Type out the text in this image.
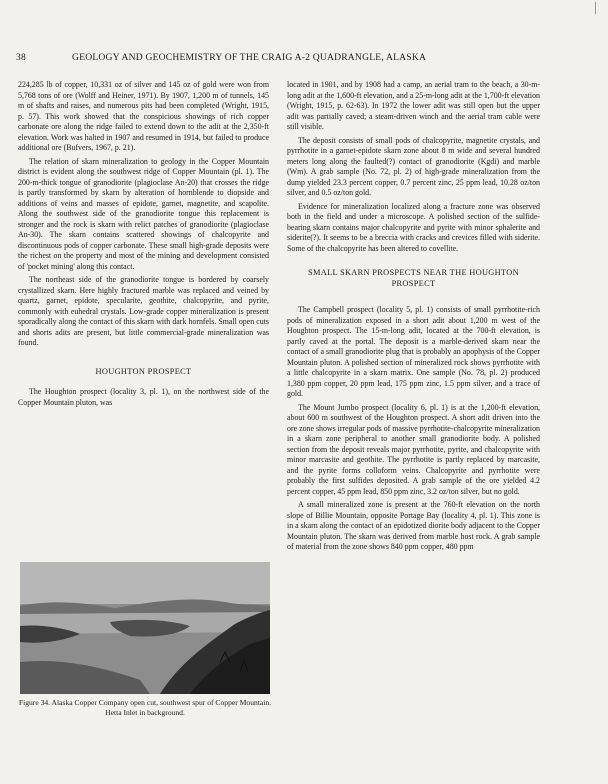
38	GEOLOGY AND GEOCHEMISTRY OF THE CRAIG A-2 QUADRANGLE, ALASKA

224,285 lb of copper, 10,331 oz of silver and 145 oz of gold were won from 5,768 tons of ore (Wolff and Heiner, 1971). By 1907, 1,200 m of tunnels, 145 m of shafts and raises, and numerous pits had been completed (Wright, 1915, p. 57). This work showed that the conspicious showings of rich copper carbonate ore along the ridge failed to extend down to the adit at the 2,350-ft elevation. Work was halted in 1907 and resumed in 1914, but failed to produce additional ore (Bufvers, 1967, p. 21).

The relation of skarn mineralization to geology in the Copper Mountain district is evident along the southwest ridge of Copper Mountain (pl. 1). The 200-m-thick tongue of granodiorite (plagioclase An-20) that crosses the ridge is partly transformed by skarn by alteration of hornblende to diopside and additions of veins and masses of epidote, garnet, magnetite, and scapolite. Along the southwest side of the granodiorite tongue this replacement is stronger and the rock is skarn with relict patches of granodiorite (plagioclase An-30). The skarn contains scattered showings of chalcopyrite and discontinuous pods of copper carbonate. These small high-grade deposits were the richest on the property and most of the mining and development consisted of 'pocket mining' along this contact.

The northeast side of the granodiorite tongue is bordered by coarsely crystallized skarn. Here highly fractured marble was replaced and veined by quartz, garnet, epidote, specularite, geothite, chalcopyrite, and pyrite, commonly with euhedral crystals. Low-grade copper mineralization is present sporadically along the contact of this skarn with dark hornfels. Small open cuts and shorts adits are present, but little commercial-grade mineralization was found.

HOUGHTON PROSPECT

The Houghton prospect (locality 3, pl. 1), on the northwest side of the Copper Mountain pluton, was

Figure 34. Alaska Copper Company open cut, southwest spur of Copper Mountain. Hetta Inlet in background.

located in 1901, and by 1908 had a camp, an aerial tram to the beach, a 30-m-long adit at the 1,600-ft elevation, and a 25-m-long adit at the 1,700-ft elevation (Wright, 1915, p. 62-63). In 1972 the lower adit was still open but the upper adit was partially caved; a steam-driven winch and the aerial tram cable were still visible.

The deposit consists of small pods of chalcopyrite, magnetite crystals, and pyrrhotite in a garnet-epidote skarn zone about 8 m wide and several hundred meters long along the faulted(?) contact of granodiorite (Kgdi) and marble (Wm). A grab sample (No. 72, pl. 2) of high-grade mineralization from the dump yielded 23.3 percent copper, 0.7 percent zinc, 25 ppm lead, 10.28 oz/ton silver, and 0.5 oz/ton gold.

Evidence for mineralization localized along a fracture zone was observed both in the field and under a microscope. A polished section of the sulfide-bearing skarn contains major chalcopyrite and pyrite with minor sphalerite and siderite(?). It seems to be a breccia with cracks and crevices filled with siderite. Some of the chalcopyrite has been altered to covellite.

SMALL SKARN PROSPECTS NEAR THE HOUGHTON PROSPECT

The Campbell prospect (locality 5, pl. 1) consists of small pyrrhotite-rich pods of mineralization exposed in a short adit about 1,200 m west of the Houghton prospect. The 15-m-long adit, located at the 700-ft elevation, is partly caved at the portal. The deposit is a marble-derived skarn near the contact of a small granodiorite plug that is probably an apophysis of the Copper Mountain pluton. A polished section of mineralized rock shows pyrrhotite with a little chalcopyrite in a skarn matrix. One sample (No. 78, pl. 2) produced 1,380 ppm copper, 20 ppm lead, 175 ppm zinc, 1.5 ppm silver, and a trace of gold.

The Mount Jumbo prospect (locality 6, pl. 1) is at the 1,200-ft elevation, about 600 m southwest of the Houghton prospect. A short adit driven into the ore zone shows irregular pods of massive pyrrhotite-chalcopyrite mineralization in a skarn zone peripheral to another small granodiorite body. A polished section from the deposit reveals major pyrrhotite, pyrite, and chalcopyrite with minor marcasite and geothite. The pyrrhotite is partly replaced by marcasite, and the pyrite forms colloform veins. Chalcopyrite and pyrrhotite were probably the first sulfides deposited. A grab sample of the ore yielded 4.2 percent copper, 45 ppm lead, 850 ppm zinc, 3.2 oz/ton silver, but no gold.

A small mineralized zone is present at the 760-ft elevation on the north slope of Billie Mountain, opposite Portage Bay (locality 4, pl. 1). This zone is in a skarn along the contact of an epidotized diorite body adjacent to the Copper Mountain pluton. The skarn was derived from marble host rock. A grab sample of material from the zone shows 840 ppm copper, 480 ppm
